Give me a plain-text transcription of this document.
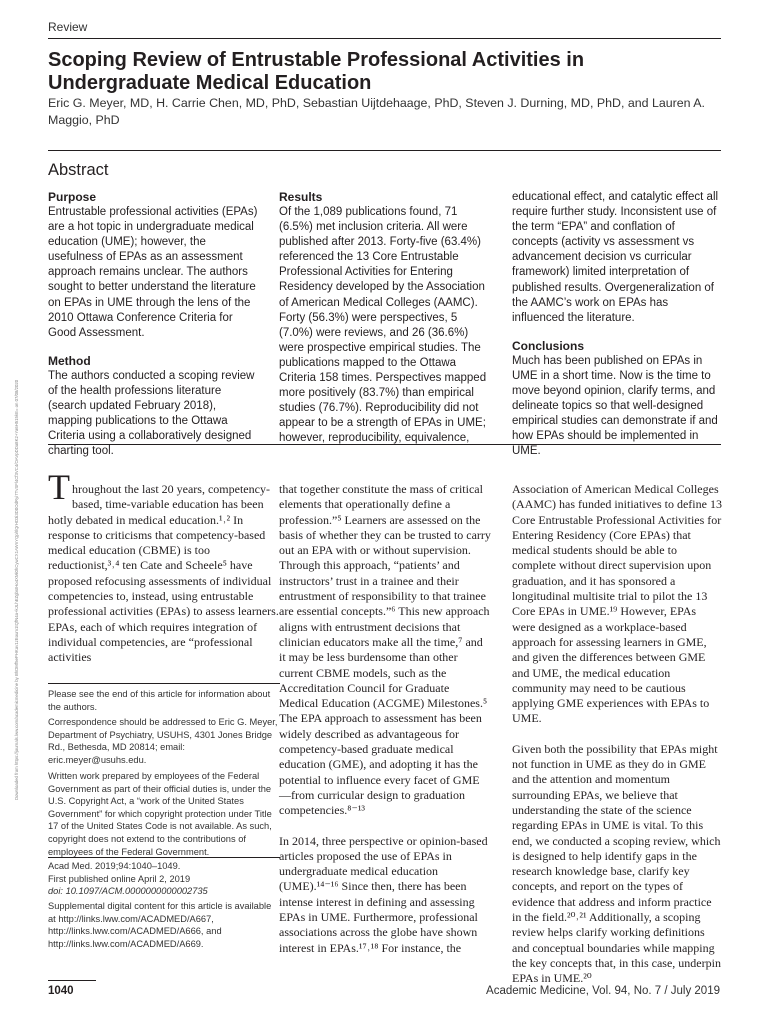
Review
Scoping Review of Entrustable Professional Activities in Undergraduate Medical Education
Eric G. Meyer, MD, H. Carrie Chen, MD, PhD, Sebastian Uijtdehaage, PhD, Steven J. Durning, MD, PhD, and Lauren A. Maggio, PhD
Abstract
Purpose

Entrustable professional activities (EPAs) are a hot topic in undergraduate medical education (UME); however, the usefulness of EPAs as an assessment approach remains unclear. The authors sought to better understand the literature on EPAs in UME through the lens of the 2010 Ottawa Conference Criteria for Good Assessment.

Method

The authors conducted a scoping review of the health professions literature (search updated February 2018), mapping publications to the Ottawa Criteria using a collaboratively designed charting tool.

Results

Of the 1,089 publications found, 71 (6.5%) met inclusion criteria. All were published after 2013. Forty-five (63.4%) referenced the 13 Core Entrustable Professional Activities for Entering Residency developed by the Association of American Medical Colleges (AAMC). Forty (56.3%) were perspectives, 5 (7.0%) were reviews, and 26 (36.6%) were prospective empirical studies. The publications mapped to the Ottawa Criteria 158 times. Perspectives mapped more positively (83.7%) than empirical studies (76.7%). Reproducibility did not appear to be a strength of EPAs in UME; however, reproducibility, equivalence,

educational effect, and catalytic effect all require further study. Inconsistent use of the term “EPA” and conflation of concepts (activity vs assessment vs advancement decision vs curricular framework) limited interpretation of published results. Overgeneralization of the AAMC’s work on EPAs has influenced the literature.

Conclusions

Much has been published on EPAs in UME in a short time. Now is the time to move beyond opinion, clarify terms, and delineate topics so that well-designed empirical studies can demonstrate if and how EPAs should be implemented in UME.

Throughout the last 20 years, competency-based, time-variable education has been hotly debated in medical education.¹˒² In response to criticisms that competency-based medical education (CBME) is too reductionist,³˒⁴ ten Cate and Scheele⁵ have proposed refocusing assessments of individual competencies to, instead, using entrustable professional activities (EPAs) to assess learners. EPAs, each of which requires integration of individual competencies, are “professional activities

that together constitute the mass of critical elements that operationally define a profession.”⁵ Learners are assessed on the basis of whether they can be trusted to carry out an EPA with or without supervision. Through this approach, “patients’ and instructors’ trust in a trainee and their entrustment of responsibility to that trainee are essential concepts.”⁶ This new approach aligns with entrustment decisions that clinician educators make all the time,⁷ and it may be less burdensome than other current CBME models, such as the Accreditation Council for Graduate Medical Education (ACGME) Milestones.⁵ The EPA approach to assessment has been widely described as advantageous for competency-based graduate medical education (GME), and adopting it has the potential to influence every facet of GME—from curricular design to graduation competencies.⁸⁻¹³

In 2014, three perspective or opinion-based articles proposed the use of EPAs in undergraduate medical education (UME).¹⁴⁻¹⁶ Since then, there has been intense interest in defining and assessing EPAs in UME. Furthermore, professional associations across the globe have shown interest in EPAs.¹⁷˒¹⁸ For instance, the

Association of American Medical Colleges (AAMC) has funded initiatives to define 13 Core Entrustable Professional Activities for Entering Residency (Core EPAs) that medical students should be able to complete without direct supervision upon graduation, and it has sponsored a longitudinal multisite trial to pilot the 13 Core EPAs in UME.¹⁹ However, EPAs were designed as a workplace-based approach for assessing learners in GME, and given the differences between GME and UME, the medical education community may need to be cautious applying GME experiences with EPAs to UME.

Given both the possibility that EPAs might not function in UME as they do in GME and the attention and momentum surrounding EPAs, we believe that understanding the state of the science regarding EPAs in UME is vital. To this end, we conducted a scoping review, which is designed to help identify gaps in the research knowledge base, clarify key concepts, and report on the types of evidence that address and inform practice in the field.²⁰˒²¹ Additionally, a scoping review helps clarify working definitions and conceptual boundaries while mapping the key concepts that, in this case, underpin EPAs in UME.²⁰

Please see the end of this article for information about the authors.
Correspondence should be addressed to Eric G. Meyer, Department of Psychiatry, USUHS, 4301 Jones Bridge Rd., Bethesda, MD 20814; email: eric.meyer@usuhs.edu.
Written work prepared by employees of the Federal Government as part of their official duties is, under the U.S. Copyright Act, a “work of the United States Government” for which copyright protection under Title 17 of the United States Code is not available. As such, copyright does not extend to the contributions of employees of the Federal Government.

Acad Med. 2019;94:1040–1049.

First published online April 2, 2019

doi: 10.1097/ACM.0000000000002735

Supplemental digital content for this article is available at http://links.lww.com/ACADMED/A667, http://links.lww.com/ACADMED/A666, and http://links.lww.com/ACADMED/A669.
Downloaded from https://journals.lww.com/academicmedicine by BhDMf5ePHKav1zEoum1tQfN4a+kJLhEZgbsIHo4XMi0hCywCX1AWnYQp/IlQrHD3i3D0OdRyi7TvSFl4Cf3VC4/OAVpDDa8K2+Ya6H515kE= on 07/08/2020
1040	Academic Medicine, Vol. 94, No. 7 / July 2019
